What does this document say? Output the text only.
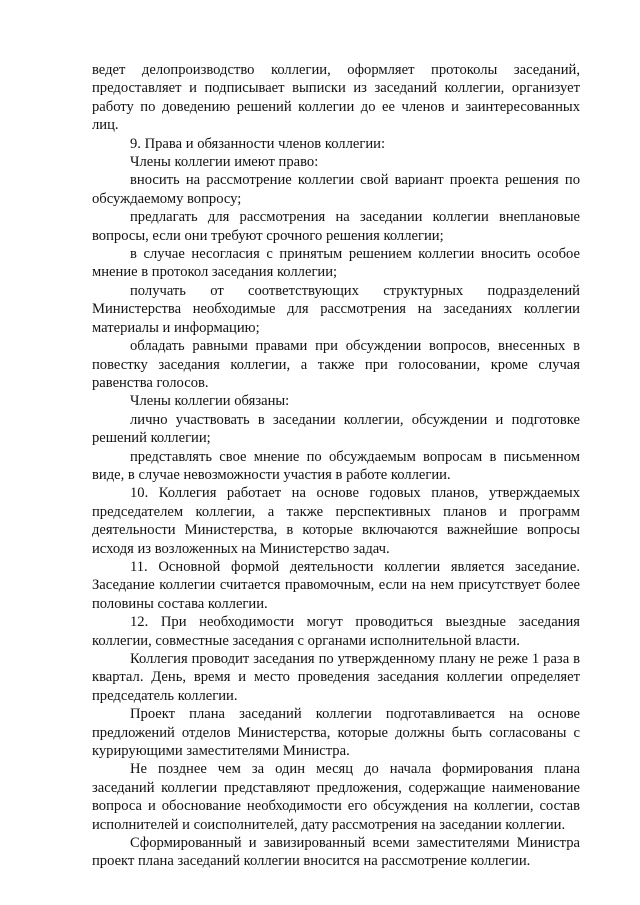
ведет делопроизводство коллегии, оформляет протоколы заседаний, предоставляет и подписывает выписки из заседаний коллегии, организует работу по доведению решений коллегии до ее членов и заинтересованных лиц.

9. Права и обязанности членов коллегии:

Члены коллегии имеют право:

вносить на рассмотрение коллегии свой вариант проекта решения по обсуждаемому вопросу;

предлагать для рассмотрения на заседании коллегии внеплановые вопросы, если они требуют срочного решения коллегии;

в случае несогласия с принятым решением коллегии вносить особое мнение в протокол заседания коллегии;

получать от соответствующих структурных подразделений Министерства необходимые для рассмотрения на заседаниях коллегии материалы и информацию;

обладать равными правами при обсуждении вопросов, внесенных в повестку заседания коллегии, а также при голосовании, кроме случая равенства голосов.

Члены коллегии обязаны:

лично участвовать в заседании коллегии, обсуждении и подготовке решений коллегии;

представлять свое мнение по обсуждаемым вопросам в письменном виде, в случае невозможности участия в работе коллегии.

10. Коллегия работает на основе годовых планов, утверждаемых председателем коллегии, а также перспективных планов и программ деятельности Министерства, в которые включаются важнейшие вопросы исходя из возложенных на Министерство задач.

11. Основной формой деятельности коллегии является заседание. Заседание коллегии считается правомочным, если на нем присутствует более половины состава коллегии.

12. При необходимости могут проводиться выездные заседания коллегии, совместные заседания с органами исполнительной власти.

Коллегия проводит заседания по утвержденному плану не реже 1 раза в квартал. День, время и место проведения заседания коллегии определяет председатель коллегии.

Проект плана заседаний коллегии подготавливается на основе предложений отделов Министерства, которые должны быть согласованы с курирующими заместителями Министра.

Не позднее чем за один месяц до начала формирования плана заседаний коллегии представляют предложения, содержащие наименование вопроса и обоснование необходимости его обсуждения на коллегии, состав исполнителей и соисполнителей, дату рассмотрения на заседании коллегии.

Сформированный и завизированный всеми заместителями Министра проект плана заседаний коллегии вносится на рассмотрение коллегии.
